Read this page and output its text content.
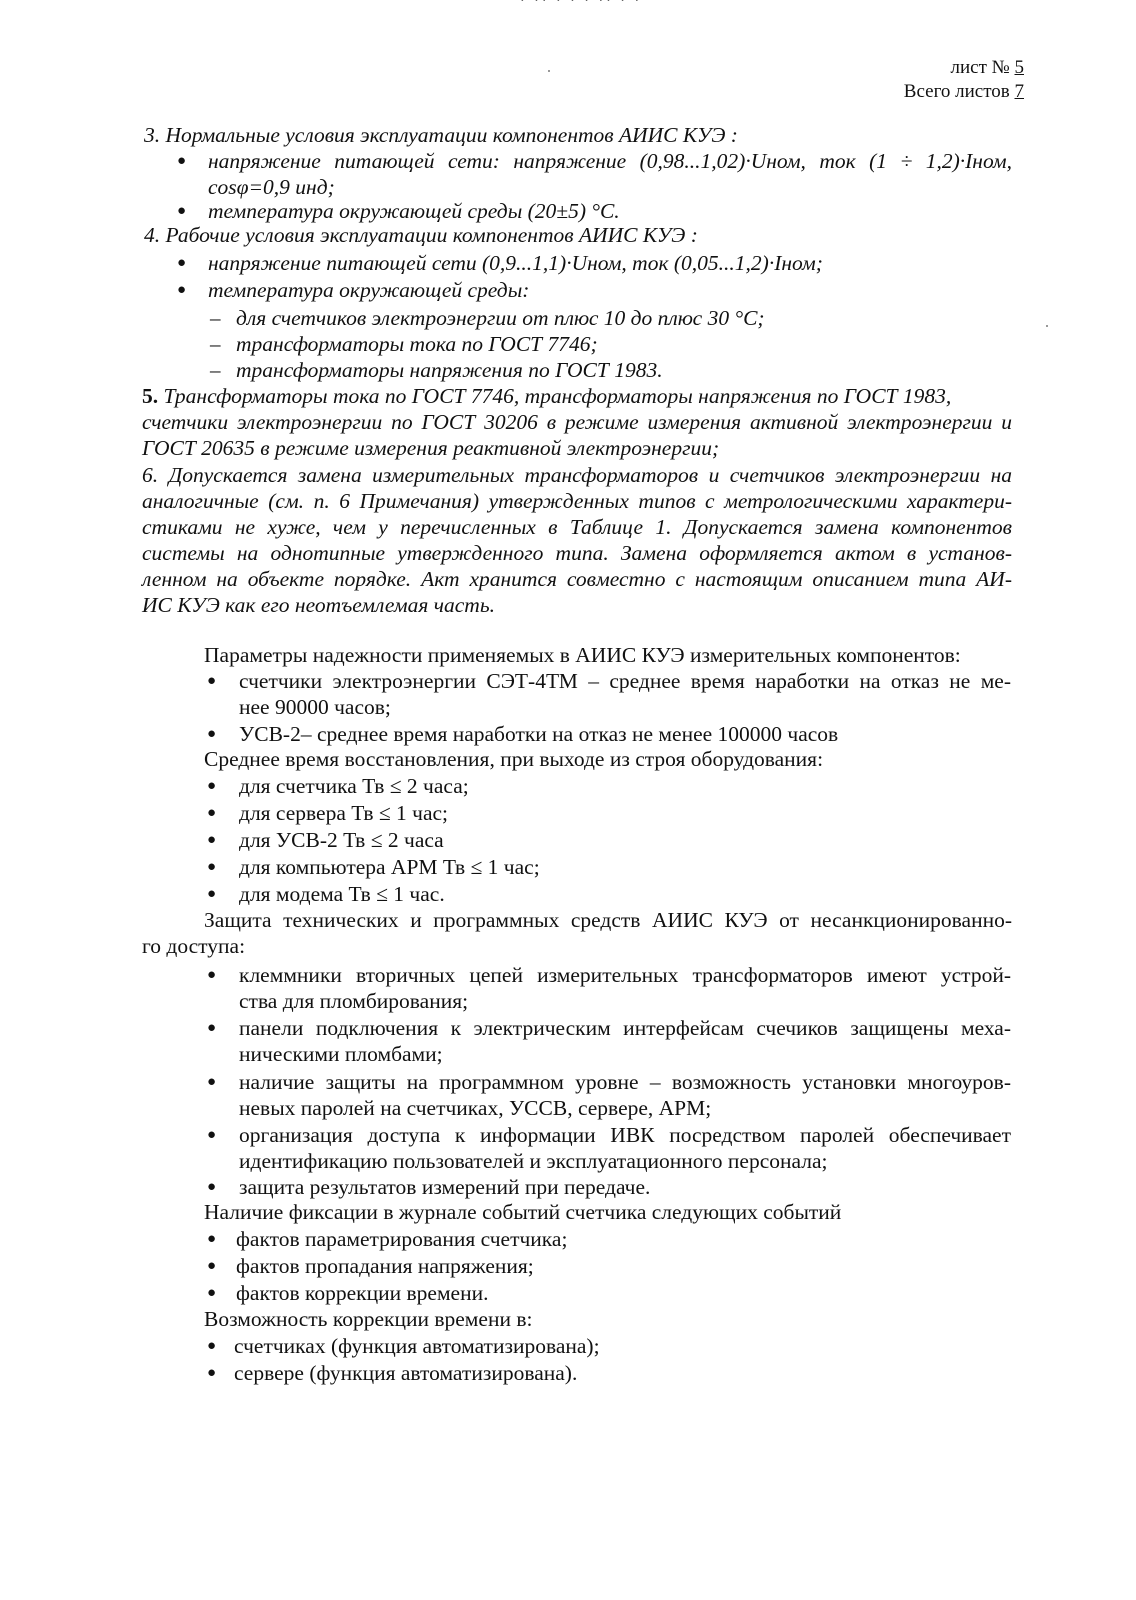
· ·· · · · ·· · ·
лист № 5
Всего листов 7
3. Нормальные условия эксплуатации компонентов АИИС КУЭ :
● напряжение питающей сети: напряжение (0,98...1,02)·Uном, ток (1 ÷ 1,2)·Iном,
cosφ=0,9 инд;
● температура окружающей среды (20±5) °С.
4. Рабочие условия эксплуатации компонентов АИИС КУЭ :
● напряжение питающей сети (0,9...1,1)·Uном, ток (0,05...1,2)·Iном;
● температура окружающей среды:
– для счетчиков электроэнергии от плюс 10 до плюс 30 °С;
– трансформаторы тока по ГОСТ 7746;
– трансформаторы напряжения по ГОСТ 1983.
5. Трансформаторы тока по ГОСТ 7746, трансформаторы напряжения по ГОСТ 1983,
счетчики электроэнергии по ГОСТ 30206 в режиме измерения активной электроэнергии и
ГОСТ 20635 в режиме измерения реактивной электроэнергии;
6. Допускается замена измерительных трансформаторов и счетчиков электроэнергии на
аналогичные (см. п. 6 Примечания) утвержденных типов с метрологическими характери-
стиками не хуже, чем у перечисленных в Таблице 1. Допускается замена компонентов
системы на однотипные утвержденного типа. Замена оформляется актом в установ-
ленном на объекте порядке. Акт хранится совместно с настоящим описанием типа АИ-
ИС КУЭ как его неотъемлемая часть.
Параметры надежности применяемых в АИИС КУЭ измерительных компонентов:
● счетчики электроэнергии СЭТ-4ТМ – среднее время наработки на отказ не ме-
нее 90000 часов;
● УСВ-2– среднее время наработки на отказ не менее 100000 часов
Среднее время восстановления, при выходе из строя оборудования:
● для счетчика Тв ≤ 2 часа;
● для сервера Тв ≤ 1 час;
● для УСВ-2 Тв ≤ 2 часа
● для компьютера АРМ Тв ≤ 1 час;
● для модема Тв ≤ 1 час.
Защита технических и программных средств АИИС КУЭ от несанкционированно-
го доступа:
● клеммники вторичных цепей измерительных трансформаторов имеют устрой-
ства для пломбирования;
● панели подключения к электрическим интерфейсам счечиков защищены меха-
ническими пломбами;
● наличие защиты на программном уровне – возможность установки многоуров-
невых паролей на счетчиках, УССВ, сервере, АРМ;
● организация доступа к информации ИВК посредством паролей обеспечивает
идентификацию пользователей и эксплуатационного персонала;
● защита результатов измерений при передаче.
Наличие фиксации в журнале событий счетчика следующих событий
● фактов параметрирования счетчика;
● фактов пропадания напряжения;
● фактов коррекции времени.
Возможность коррекции времени в:
● счетчиках (функция автоматизирована);
● сервере (функция автоматизирована).
